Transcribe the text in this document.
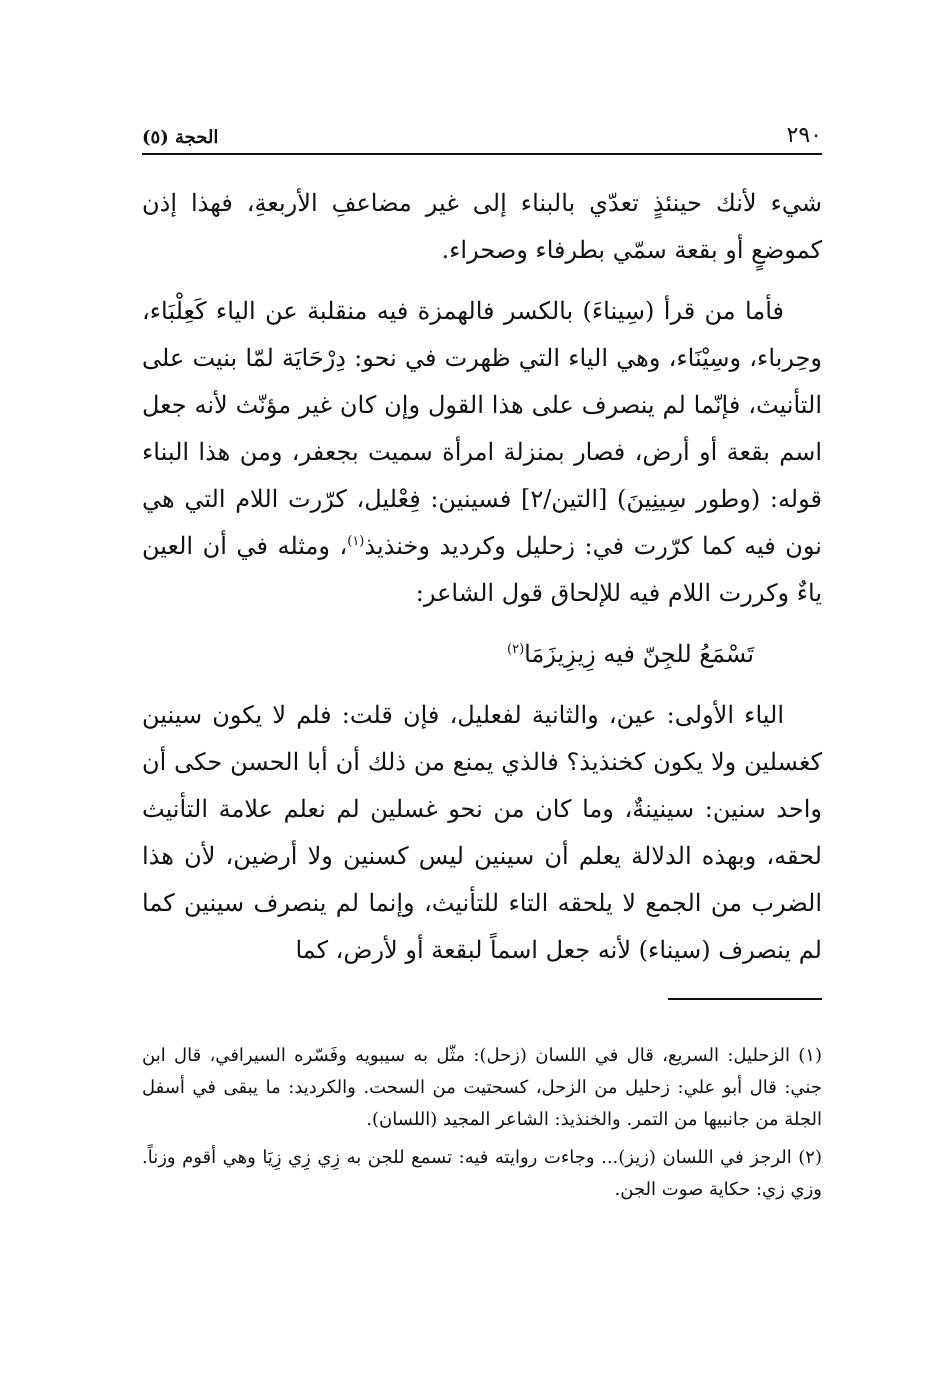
٢٩٠
الحجة (٥)

شيء لأنك حينئذٍ تعدّي بالبناء إلى غير مضاعفِ الأربعةِ، فهذا إذن كموضعٍ أو بقعة سمّي بطرفاء وصحراء.

فأما من قرأ (سِيناءَ) بالكسر فالهمزة فيه منقلبة عن الياء كَعِلْبَاء، وحِرباء، وسِيْنَاء، وهي الياء التي ظهرت في نحو: دِرْحَايَة لمّا بنيت على التأنيث، فإنّما لم ينصرف على هذا القول وإن كان غير مؤنّث لأنه جعل اسم بقعة أو أرض، فصار بمنزلة امرأة سميت بجعفر، ومن هذا البناء قوله: (وطور سِينِينَ) [التين/٢] فسينين: فِعْليل، كرّرت اللام التي هي نون فيه كما كرّرت في: زحليل وكرديد وخنذيذ$^{(١)}$، ومثله في أن العين ياءٌ وكررت اللام فيه للإلحاق قول الشاعر:

تَسْمَعُ للجِنّ فيه زِيزِيزَمَا$^{(٢)}$

الياء الأولى: عين، والثانية لفعليل، فإن قلت: فلم لا يكون سينين كغسلين ولا يكون كخنذيذ؟ فالذي يمنع من ذلك أن أبا الحسن حكى أن واحد سنين: سينينةٌ، وما كان من نحو غسلين لم نعلم علامة التأنيث لحقه، وبهذه الدلالة يعلم أن سينين ليس كسنين ولا أرضين، لأن هذا الضرب من الجمع لا يلحقه التاء للتأنيث، وإنما لم ينصرف سينين كما لم ينصرف (سيناء) لأنه جعل اسماً لبقعة أو لأرض، كما

(١) الزحليل: السريع، قال في اللسان (زحل): مثّل به سيبويه وفَسّره السيرافي، قال ابن جني: قال أبو علي: زحليل من الزحل، كسحتيت من السحت. والكرديد: ما يبقى في أسفل الجلة من جانبيها من التمر. والخنذيذ: الشاعر المجيد (اللسان).

(٢) الرجز في اللسان (زيز)... وجاءت روايته فيه: تسمع للجن به زِي زِي زِيَا وهي أقوم وزناً. وزي زي: حكاية صوت الجن.
